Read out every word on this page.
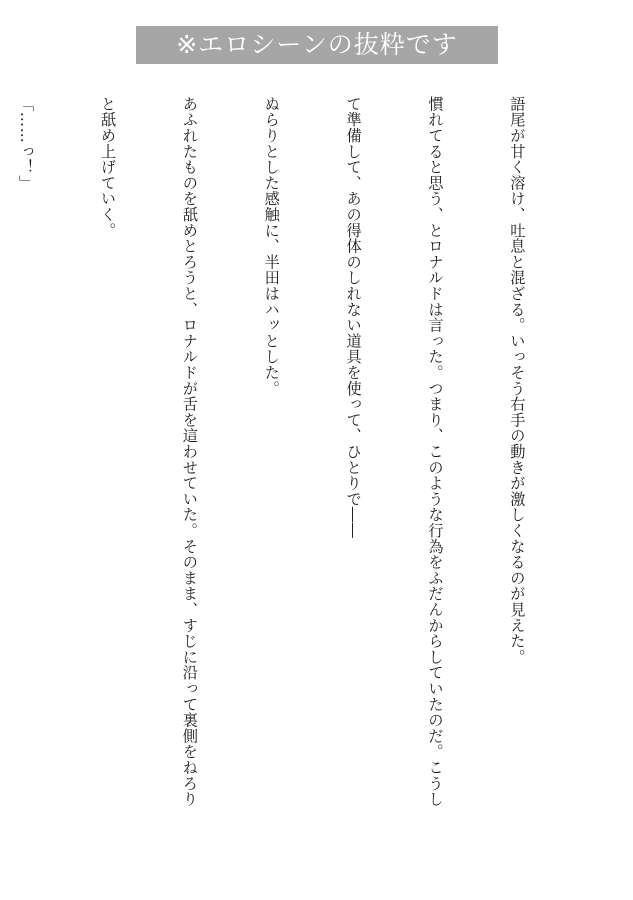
※エロシーンの抜粋です

語尾が甘く溶け、吐息と混ざる。いっそう右手の動きが激しくなるのが見えた。

慣れてると思う、とロナルドは言った。つまり、このような行為をふだんからしていたのだ。こうし

て準備して、あの得体のしれない道具を使って、ひとりで――

ぬらりとした感触に、半田はハッとした。

あふれたものを舐めとろうと、ロナルドが舌を這わせていた。そのまま、すじに沿って裏側をねろり

と舐め上げていく。

「……っ！」
